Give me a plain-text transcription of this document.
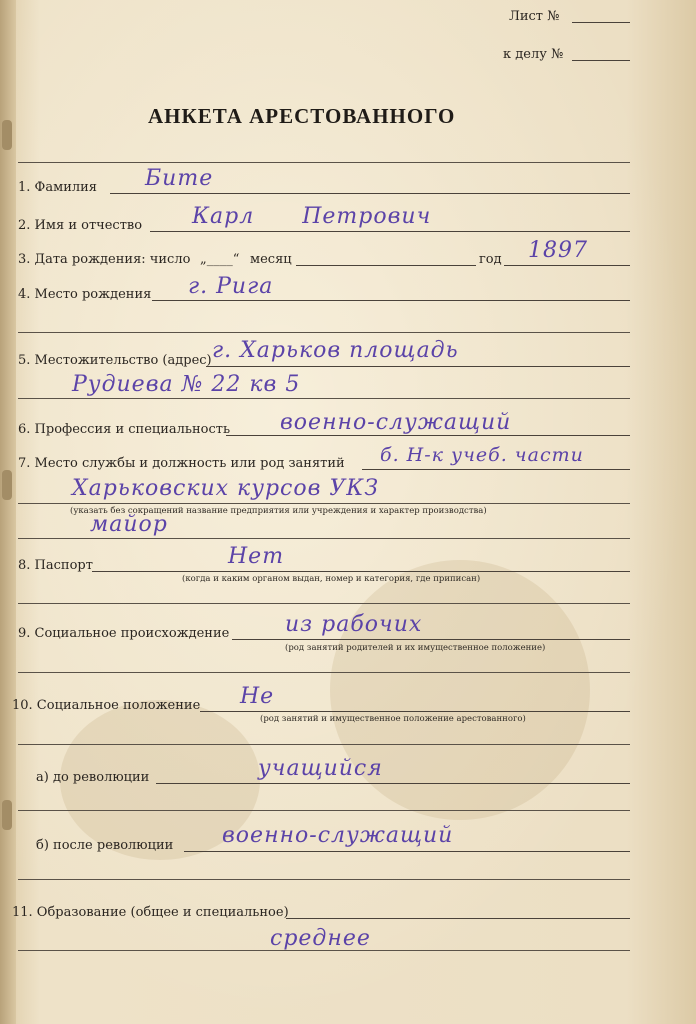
Лист №
к делу №
АНКЕТА АРЕСТОВАННОГО
1. Фамилия Бите
2. Имя и отчество Карл Петрович
3. Дата рождения: число „____“ месяц	год 1897
4. Место рождения г. Рига
5. Местожительство (адрес) г. Харьков площадь
Рудиева № 22 кв 5
6. Профессия и специальность военно-служащий
7. Место службы и должность или род занятий б. Н-к учеб. части
Харьковских курсов УКЗ
(указать без сокращений название предприятия или учреждения и характер производства)
майор
8. Паспорт	Нет
(когда и каким органом выдан, номер и категория, где приписан)
9. Социальное происхождение	из рабочих
(род занятий родителей и их имущественное положение)
10. Социальное положение Не
(род занятий и имущественное положение арестованного)
а) до революции	учащийся
б) после революции военно-служащий
11. Образование (общее и специальное)
среднее
